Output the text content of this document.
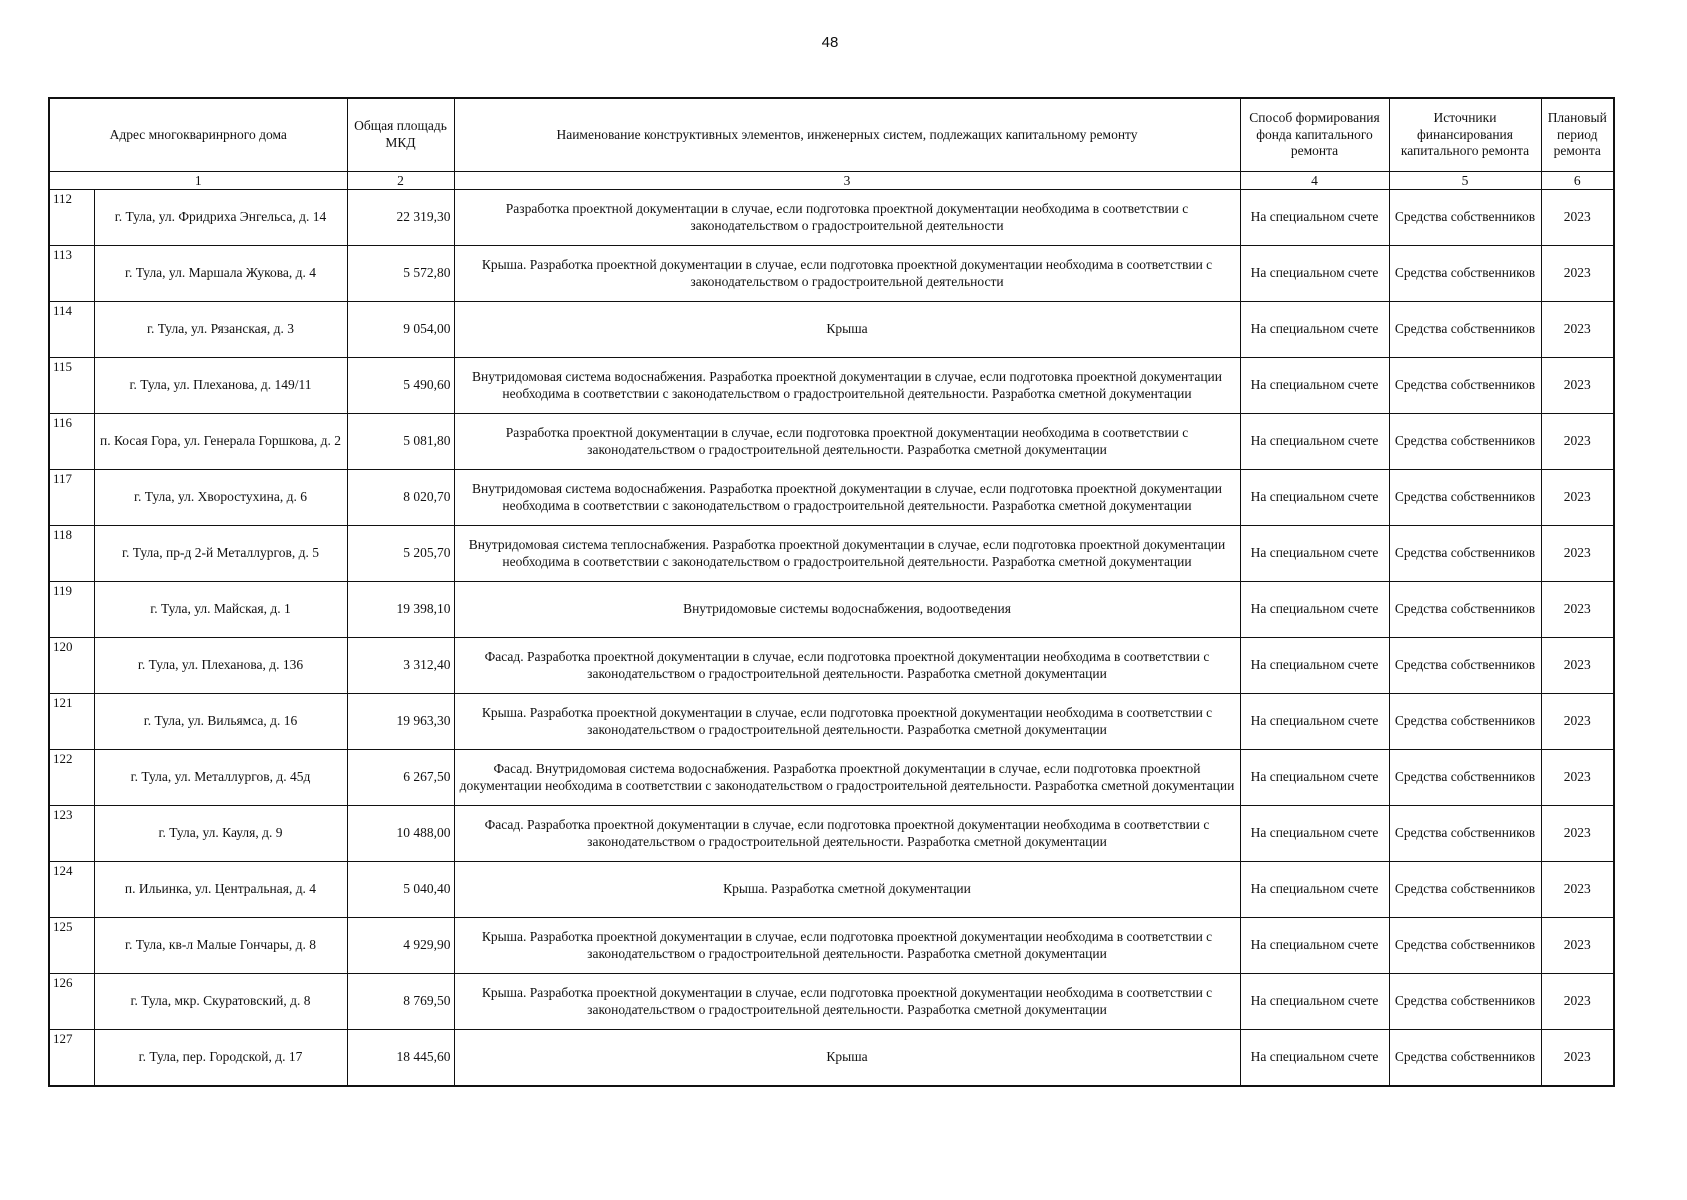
48
Адрес многокваринрного дома		Общая площадь МКД	Наименование конструктивных элементов, инженерных систем, подлежащих капитальному ремонту	Способ формирования фонда капитального ремонта	Источники финансирования капитального ремонта	Плановый период ремонта
1		2	3	4	5	6
112	г. Тула, ул. Фридриха Энгельса, д. 14	22 319,30	Разработка проектной документации в случае, если подготовка проектной документации необходима в соответствии с законодательством о градостроительной деятельности	На специальном счете	Средства собственников	2023
113	г. Тула, ул. Маршала Жукова, д. 4	5 572,80	Крыша. Разработка проектной документации в случае, если подготовка проектной документации необходима в соответствии с законодательством о градостроительной деятельности	На специальном счете	Средства собственников	2023
114	г. Тула, ул. Рязанская, д. 3	9 054,00	Крыша	На специальном счете	Средства собственников	2023
115	г. Тула, ул. Плеханова, д. 149/11	5 490,60	Внутридомовая система водоснабжения. Разработка проектной документации в случае, если подготовка проектной документации необходима в соответствии с законодательством о градостроительной деятельности. Разработка сметной документации	На специальном счете	Средства собственников	2023
116	п. Косая Гора, ул. Генерала Горшкова, д. 2	5 081,80	Разработка проектной документации в случае, если подготовка проектной документации необходима в соответствии с законодательством о градостроительной деятельности. Разработка сметной документации	На специальном счете	Средства собственников	2023
117	г. Тула, ул. Хворостухина, д. 6	8 020,70	Внутридомовая система водоснабжения. Разработка проектной документации в случае, если подготовка проектной документации необходима в соответствии с законодательством о градостроительной деятельности. Разработка сметной документации	На специальном счете	Средства собственников	2023
118	г. Тула, пр-д 2-й Металлургов, д. 5	5 205,70	Внутридомовая система теплоснабжения. Разработка проектной документации в случае, если подготовка проектной документации необходима в соответствии с законодательством о градостроительной деятельности. Разработка сметной документации	На специальном счете	Средства собственников	2023
119	г. Тула, ул. Майская, д. 1	19 398,10	Внутридомовые системы водоснабжения, водоотведения	На специальном счете	Средства собственников	2023
120	г. Тула, ул. Плеханова, д. 136	3 312,40	Фасад. Разработка проектной документации в случае, если подготовка проектной документации необходима в соответствии с законодательством о градостроительной деятельности. Разработка сметной документации	На специальном счете	Средства собственников	2023
121	г. Тула, ул. Вильямса, д. 16	19 963,30	Крыша. Разработка проектной документации в случае, если подготовка проектной документации необходима в соответствии с законодательством о градостроительной деятельности. Разработка сметной документации	На специальном счете	Средства собственников	2023
122	г. Тула, ул. Металлургов, д. 45д	6 267,50	Фасад. Внутридомовая система водоснабжения. Разработка проектной документации в случае, если подготовка проектной документации необходима в соответствии с законодательством о градостроительной деятельности. Разработка сметной документации	На специальном счете	Средства собственников	2023
123	г. Тула, ул. Кауля, д. 9	10 488,00	Фасад. Разработка проектной документации в случае, если подготовка проектной документации необходима в соответствии с законодательством о градостроительной деятельности. Разработка сметной документации	На специальном счете	Средства собственников	2023
124	п. Ильинка, ул. Центральная, д. 4	5 040,40	Крыша. Разработка сметной документации	На специальном счете	Средства собственников	2023
125	г. Тула, кв-л Малые Гончары, д. 8	4 929,90	Крыша. Разработка проектной документации в случае, если подготовка проектной документации необходима в соответствии с законодательством о градостроительной деятельности. Разработка сметной документации	На специальном счете	Средства собственников	2023
126	г. Тула, мкр. Скуратовский, д. 8	8 769,50	Крыша. Разработка проектной документации в случае, если подготовка проектной документации необходима в соответствии с законодательством о градостроительной деятельности. Разработка сметной документации	На специальном счете	Средства собственников	2023
127	г. Тула, пер. Городской, д. 17	18 445,60	Крыша	На специальном счете	Средства собственников	2023
